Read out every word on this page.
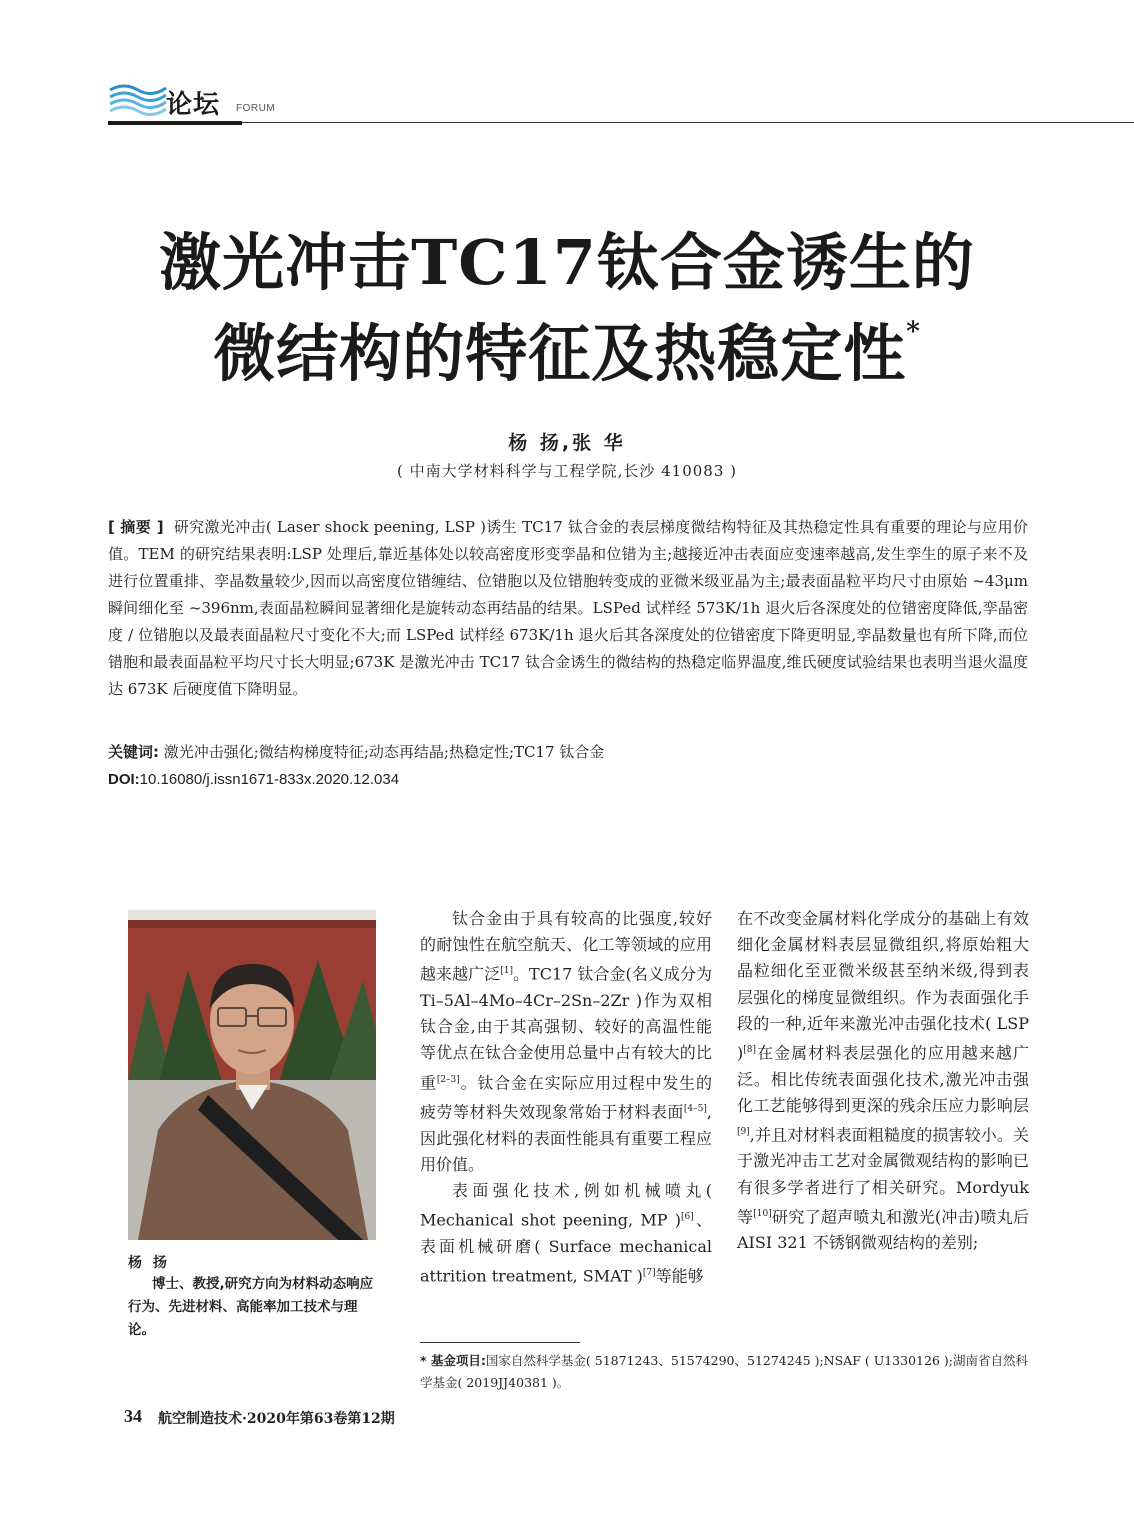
论坛 FORUM
激光冲击TC17钛合金诱生的
微结构的特征及热稳定性*
杨 扬,张 华
( 中南大学材料科学与工程学院,长沙 410083 )
[ 摘要 ] 研究激光冲击( Laser shock peening, LSP )诱生 TC17 钛合金的表层梯度微结构特征及其热稳定性具有重要的理论与应用价值。TEM 的研究结果表明:LSP 处理后,靠近基体处以较高密度形变孪晶和位错为主;越接近冲击表面应变速率越高,发生孪生的原子来不及进行位置重排、孪晶数量较少,因而以高密度位错缠结、位错胞以及位错胞转变成的亚微米级亚晶为主;最表面晶粒平均尺寸由原始 ~43μm 瞬间细化至 ~396nm,表面晶粒瞬间显著细化是旋转动态再结晶的结果。LSPed 试样经 573K/1h 退火后各深度处的位错密度降低,孪晶密度 / 位错胞以及最表面晶粒尺寸变化不大;而 LSPed 试样经 673K/1h 退火后其各深度处的位错密度下降更明显,孪晶数量也有所下降,而位错胞和最表面晶粒平均尺寸长大明显;673K 是激光冲击 TC17 钛合金诱生的微结构的热稳定临界温度,维氏硬度试验结果也表明当退火温度达 673K 后硬度值下降明显。
关键词: 激光冲击强化;微结构梯度特征;动态再结晶;热稳定性;TC17 钛合金
DOI:10.16080/j.issn1671-833x.2020.12.034
杨 扬
博士、教授,研究方向为材料动态响应行为、先进材料、高能率加工技术与理论。

钛合金由于具有较高的比强度,较好的耐蚀性在航空航天、化工等领域的应用越来越广泛[1]。TC17 钛合金(名义成分为 Ti–5Al–4Mo–4Cr–2Sn–2Zr )作为双相钛合金,由于其高强韧、较好的高温性能等优点在钛合金使用总量中占有较大的比重[2–3]。钛合金在实际应用过程中发生的疲劳等材料失效现象常始于材料表面[4–5],因此强化材料的表面性能具有重要工程应用价值。

表面强化技术,例如机械喷丸( Mechanical shot peening, MP )[6]、表面机械研磨( Surface mechanical attrition treatment, SMAT )[7]等能够

在不改变金属材料化学成分的基础上有效细化金属材料表层显微组织,将原始粗大晶粒细化至亚微米级甚至纳米级,得到表层强化的梯度显微组织。作为表面强化手段的一种,近年来激光冲击强化技术( LSP )[8]在金属材料表层强化的应用越来越广泛。相比传统表面强化技术,激光冲击强化工艺能够得到更深的残余压应力影响层[9],并且对材料表面粗糙度的损害较小。关于激光冲击工艺对金属微观结构的影响已有很多学者进行了相关研究。Mordyuk 等[10]研究了超声喷丸和激光(冲击)喷丸后 AISI 321 不锈钢微观结构的差别;

* 基金项目:国家自然科学基金( 51871243、51574290、51274245 );NSAF ( U1330126 );湖南省自然科学基金( 2019JJ40381 )。
34 航空制造技术·2020年第63卷第12期
